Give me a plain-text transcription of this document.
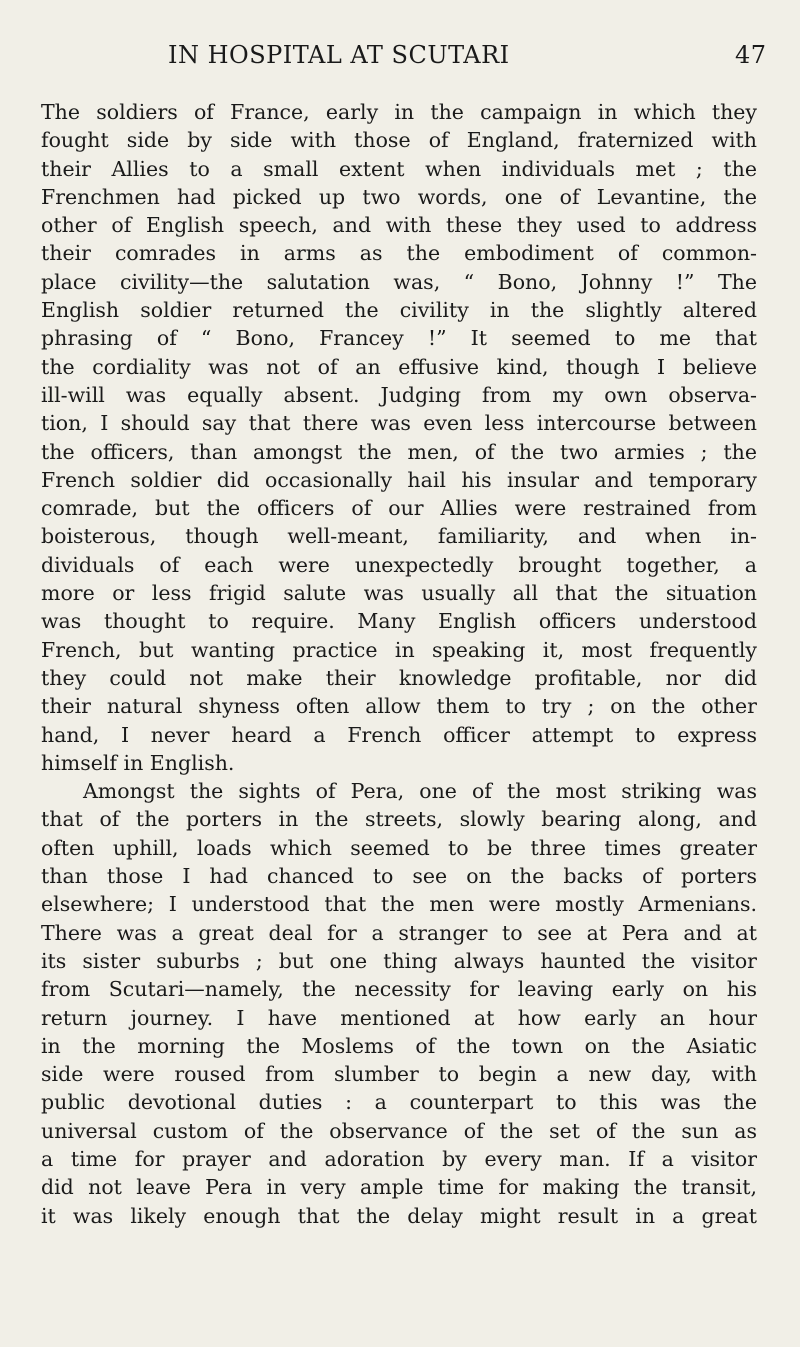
IN HOSPITAL AT SCUTARI	47
The soldiers of France, early in the campaign in which they
fought side by side with those of England, fraternized with
their Allies to a small extent when individuals met ; the
Frenchmen had picked up two words, one of Levantine, the
other of English speech, and with these they used to address
their comrades in arms as the embodiment of common-
place civility—the salutation was, “ Bono, Johnny !” The
English soldier returned the civility in the slightly altered
phrasing of “ Bono, Francey !” It seemed to me that
the cordiality was not of an effusive kind, though I believe
ill-will was equally absent. Judging from my own observa-
tion, I should say that there was even less intercourse between
the officers, than amongst the men, of the two armies ; the
French soldier did occasionally hail his insular and temporary
comrade, but the officers of our Allies were restrained from
boisterous, though well-meant, familiarity, and when in-
dividuals of each were unexpectedly brought together, a
more or less frigid salute was usually all that the situation
was thought to require. Many English officers understood
French, but wanting practice in speaking it, most frequently
they could not make their knowledge profitable, nor did
their natural shyness often allow them to try ; on the other
hand, I never heard a French officer attempt to express
himself in English.
Amongst the sights of Pera, one of the most striking was
that of the porters in the streets, slowly bearing along, and
often uphill, loads which seemed to be three times greater
than those I had chanced to see on the backs of porters
elsewhere; I understood that the men were mostly Armenians.
There was a great deal for a stranger to see at Pera and at
its sister suburbs ; but one thing always haunted the visitor
from Scutari—namely, the necessity for leaving early on his
return journey. I have mentioned at how early an hour
in the morning the Moslems of the town on the Asiatic
side were roused from slumber to begin a new day, with
public devotional duties : a counterpart to this was the
universal custom of the observance of the set of the sun as
a time for prayer and adoration by every man. If a visitor
did not leave Pera in very ample time for making the transit,
it was likely enough that the delay might result in a great
